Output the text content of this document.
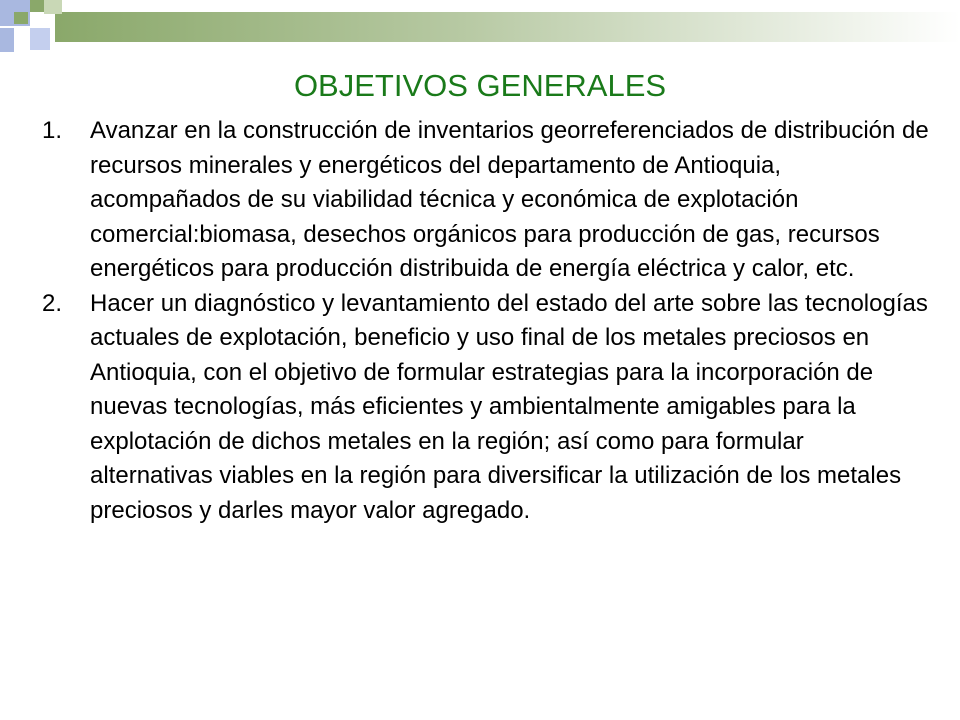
OBJETIVOS GENERALES
1. Avanzar en la construcción de inventarios georreferenciados de distribución de recursos minerales y energéticos del departamento de Antioquia, acompañados de su viabilidad técnica y económica de explotación comercial:biomasa, desechos orgánicos para producción de gas, recursos energéticos para producción distribuida de energía eléctrica y calor, etc.
2. Hacer un diagnóstico y levantamiento del estado del arte sobre las tecnologías actuales de explotación, beneficio y uso final de los metales preciosos en Antioquia, con el objetivo de formular estrategias para la incorporación de nuevas tecnologías, más eficientes y ambientalmente amigables para la explotación de dichos metales en la región; así como para formular alternativas viables en la región para diversificar la utilización de los metales preciosos y darles mayor valor agregado.
